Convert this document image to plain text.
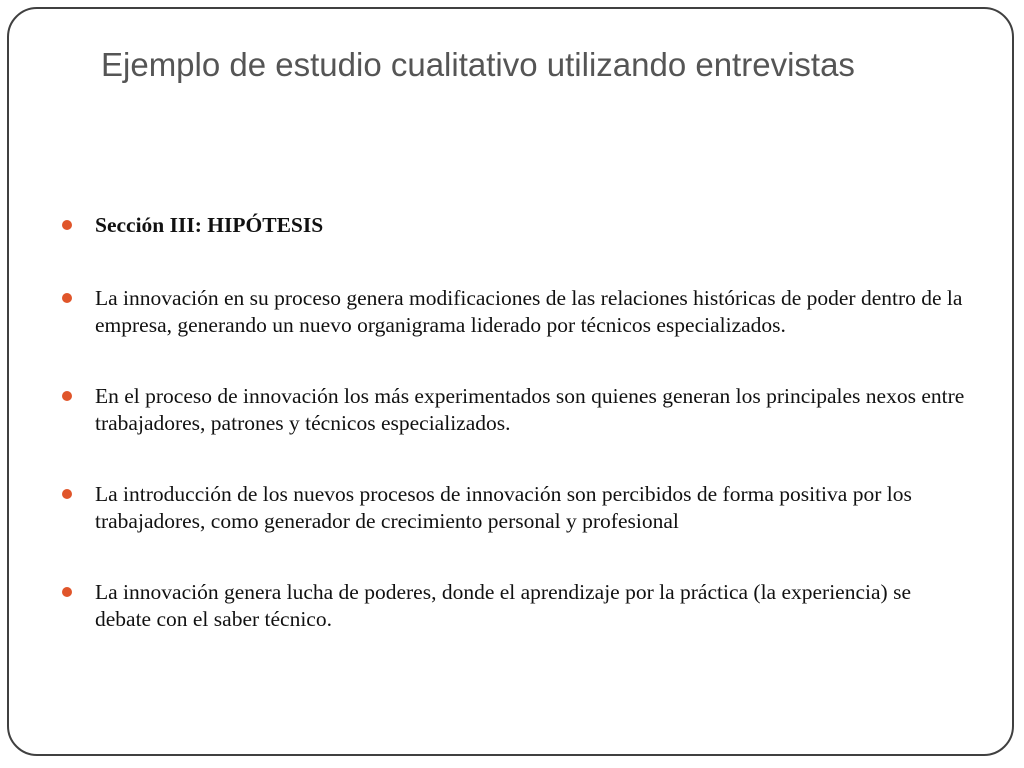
Ejemplo de estudio cualitativo utilizando entrevistas
Sección III: HIPÓTESIS
La innovación en su proceso genera modificaciones de las relaciones históricas de poder dentro de la empresa, generando un nuevo organigrama liderado por técnicos especializados.
En el proceso de innovación los más experimentados son quienes generan los principales nexos entre trabajadores, patrones y técnicos especializados.
La introducción de los nuevos procesos de innovación son percibidos de forma positiva por los trabajadores, como generador de crecimiento personal y profesional
La innovación genera lucha de poderes, donde el aprendizaje por la práctica (la experiencia) se debate con el saber técnico.
